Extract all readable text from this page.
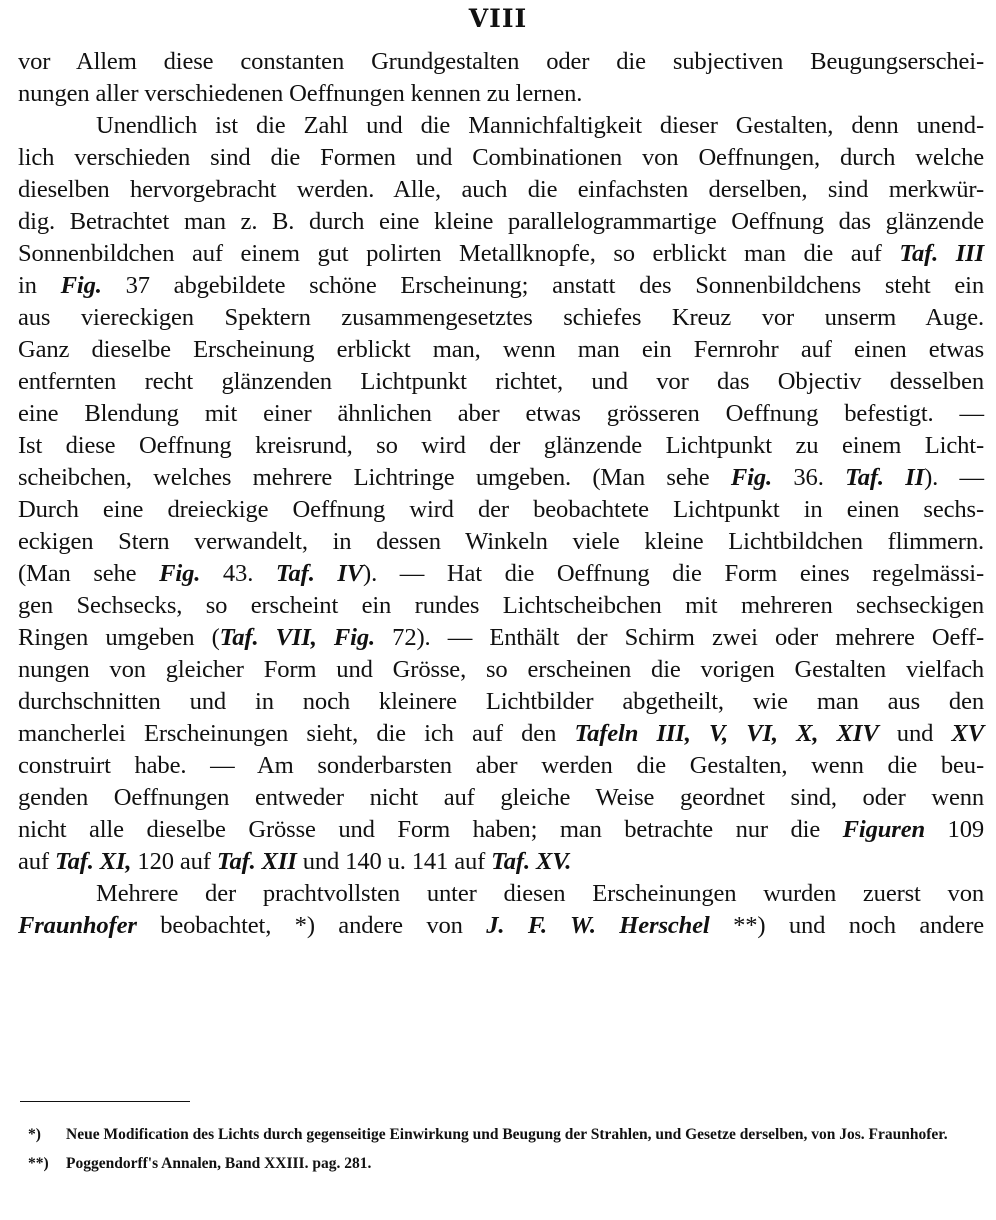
VIII
vor Allem diese constanten Grundgestalten oder die subjectiven Beugungserschei-
nungen aller verschiedenen Oeffnungen kennen zu lernen.
Unendlich ist die Zahl und die Mannichfaltigkeit dieser Gestalten, denn unend-
lich verschieden sind die Formen und Combinationen von Oeffnungen, durch welche
dieselben hervorgebracht werden. Alle, auch die einfachsten derselben, sind merkwür-
dig. Betrachtet man z. B. durch eine kleine parallelogrammartige Oeffnung das glänzende
Sonnenbildchen auf einem gut polirten Metallknopfe, so erblickt man die auf Taf. III
in Fig. 37 abgebildete schöne Erscheinung; anstatt des Sonnenbildchens steht ein
aus viereckigen Spektern zusammengesetztes schiefes Kreuz vor unserm Auge.
Ganz dieselbe Erscheinung erblickt man, wenn man ein Fernrohr auf einen etwas
entfernten recht glänzenden Lichtpunkt richtet, und vor das Objectiv desselben
eine Blendung mit einer ähnlichen aber etwas grösseren Oeffnung befestigt. —
Ist diese Oeffnung kreisrund, so wird der glänzende Lichtpunkt zu einem Licht-
scheibchen, welches mehrere Lichtringe umgeben. (Man sehe Fig. 36. Taf. II). —
Durch eine dreieckige Oeffnung wird der beobachtete Lichtpunkt in einen sechs-
eckigen Stern verwandelt, in dessen Winkeln viele kleine Lichtbildchen flimmern.
(Man sehe Fig. 43. Taf. IV). — Hat die Oeffnung die Form eines regelmässi-
gen Sechsecks, so erscheint ein rundes Lichtscheibchen mit mehreren sechseckigen
Ringen umgeben (Taf. VII, Fig. 72). — Enthält der Schirm zwei oder mehrere Oeff-
nungen von gleicher Form und Grösse, so erscheinen die vorigen Gestalten vielfach
durchschnitten und in noch kleinere Lichtbilder abgetheilt, wie man aus den
mancherlei Erscheinungen sieht, die ich auf den Tafeln III, V, VI, X, XIV und XV
construirt habe. — Am sonderbarsten aber werden die Gestalten, wenn die beu-
genden Oeffnungen entweder nicht auf gleiche Weise geordnet sind, oder wenn
nicht alle dieselbe Grösse und Form haben; man betrachte nur die Figuren 109
auf Taf. XI, 120 auf Taf. XII und 140 u. 141 auf Taf. XV.
Mehrere der prachtvollsten unter diesen Erscheinungen wurden zuerst von
Fraunhofer beobachtet, *) andere von J. F. W. Herschel **) und noch andere
*)	Neue Modification des Lichts durch gegenseitige Einwirkung und Beugung der Strahlen, und Gesetze derselben, von Jos. Fraunhofer.
**)	Poggendorff's Annalen, Band XXIII. pag. 281.
